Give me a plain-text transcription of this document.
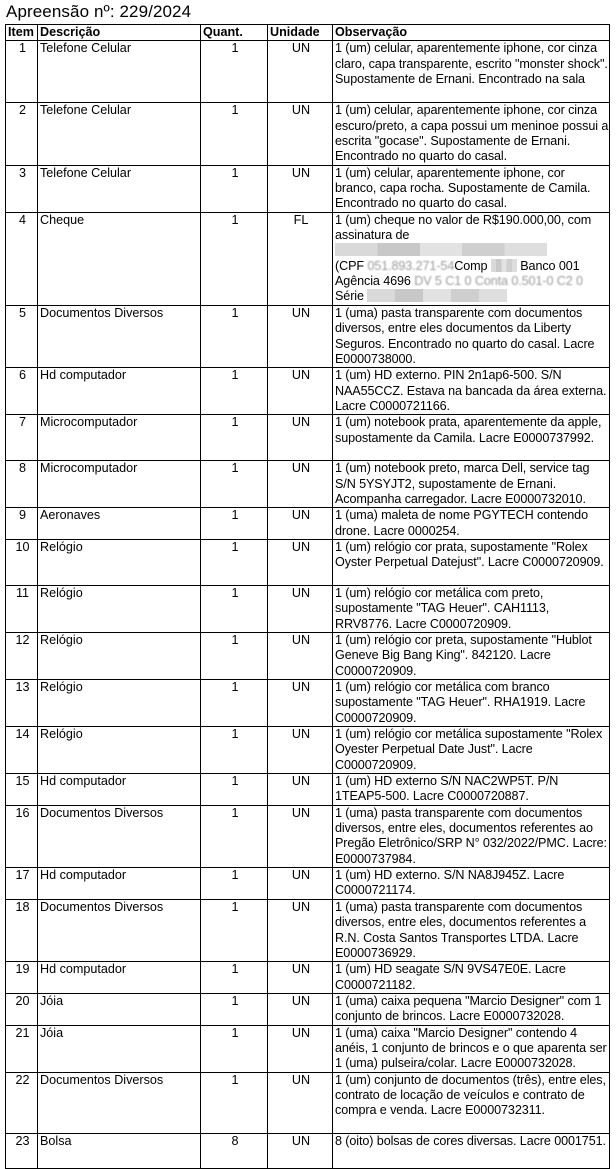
Apreensão nº: 229/2024
Item	Descrição	Quant.	Unidade	Observação
1	Telefone Celular	1	UN	1 (um) celular, aparentemente iphone, cor cinza claro, capa transparente, escrito "monster shock". Supostamente de Ernani. Encontrado na sala
2	Telefone Celular	1	UN	1 (um) celular, aparentemente iphone, cor cinza escuro/preto, a capa possui um meninoe possui a escrita "gocase". Supostamente de Ernani. Encontrado no quarto do casal.
3	Telefone Celular	1	UN	1 (um) celular, aparentemente iphone, cor branco, capa rocha. Supostamente de Camila. Encontrado no quarto do casal.
4	Cheque	1	FL	1 (um) cheque no valor de R$190.000,00, com
assinatura de
(CPF 051.893.271-54Comp Banco 001
Agência 4696 DV 5 C1 0 Conta 0.501-0 C2 0
Série

5	Documentos Diversos	1	UN	1 (uma) pasta transparente com documentos diversos, entre eles documentos da Liberty Seguros. Encontrado no quarto do casal. Lacre E0000738000.
6	Hd computador	1	UN	1 (um) HD externo. PIN 2n1ap6-500. S/N NAA55CCZ. Estava na bancada da área externa. Lacre C0000721166.
7	Microcomputador	1	UN	1 (um) notebook prata, aparentemente da apple, supostamente da Camila. Lacre E0000737992.
8	Microcomputador	1	UN	1 (um) notebook preto, marca Dell, service tag S/N 5YSYJT2, supostamente de Ernani. Acompanha carregador. Lacre E0000732010.
9	Aeronaves	1	UN	1 (uma) maleta de nome PGYTECH contendo drone. Lacre 0000254.
10	Relógio	1	UN	1 (um) relógio cor prata, supostamente "Rolex Oyster Perpetual Datejust". Lacre C0000720909.
11	Relógio	1	UN	1 (um) relógio cor metálica com preto, supostamente "TAG Heuer". CAH1113, RRV8776. Lacre C0000720909.
12	Relógio	1	UN	1 (um) relógio cor preta, supostamente "Hublot Geneve Big Bang King". 842120. Lacre C0000720909.
13	Relógio	1	UN	1 (um) relógio cor metálica com branco supostamente "TAG Heuer". RHA1919. Lacre C0000720909.
14	Relógio	1	UN	1 (um) relógio cor metálica supostamente "Rolex Oyester Perpetual Date Just". Lacre C0000720909.
15	Hd computador	1	UN	1 (um) HD externo S/N NAC2WP5T. P/N 1TEAP5-500. Lacre C0000720887.
16	Documentos Diversos	1	UN	1 (uma) pasta transparente com documentos diversos, entre eles, documentos referentes ao Pregão Eletrônico/SRP N° 032/2022/PMC. Lacre: E0000737984.
17	Hd computador	1	UN	1 (um) HD externo. S/N NA8J945Z. Lacre C0000721174.
18	Documentos Diversos	1	UN	1 (uma) pasta transparente com documentos diversos, entre eles, documentos referentes a R.N. Costa Santos Transportes LTDA. Lacre E0000736929.
19	Hd computador	1	UN	1 (um) HD seagate S/N 9VS47E0E. Lacre C0000721182.
20	Jóia	1	UN	1 (uma) caixa pequena "Marcio Designer" com 1 conjunto de brincos. Lacre E0000732028.
21	Jóia	1	UN	1 (uma) caixa "Marcio Designer" contendo 4 anéis, 1 conjunto de brincos e o que aparenta ser 1 (uma) pulseira/colar. Lacre E0000732028.
22	Documentos Diversos	1	UN	1 (um) conjunto de documentos (três), entre eles, contrato de locação de veículos e contrato de compra e venda. Lacre E0000732311.
23	Bolsa	8	UN	8 (oito) bolsas de cores diversas. Lacre 0001751.
